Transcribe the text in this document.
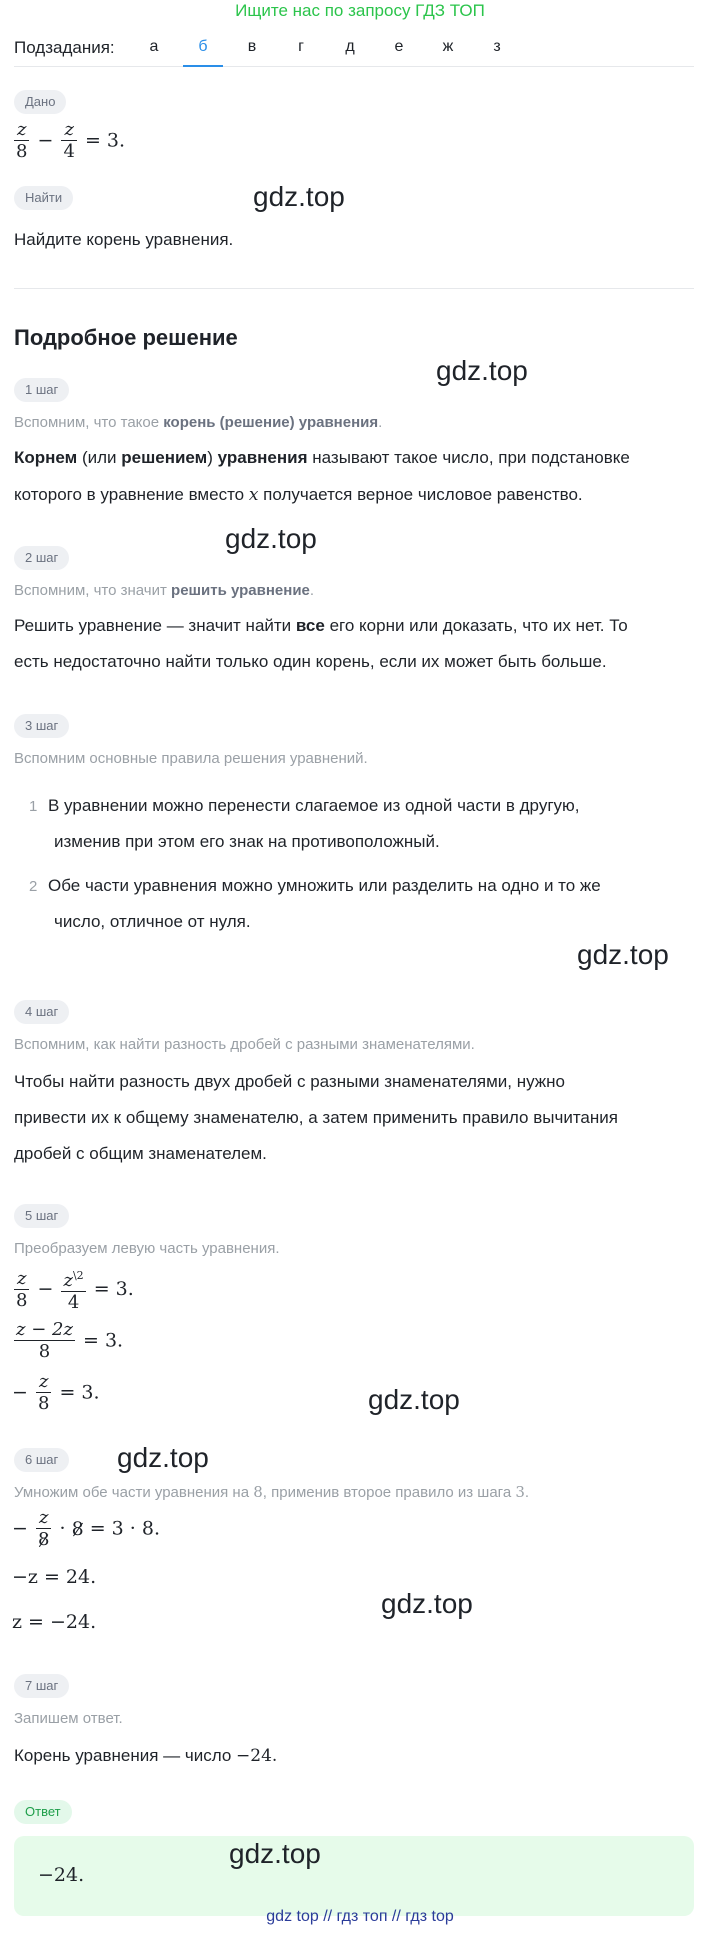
Ищите нас по запросу ГДЗ ТОП
Подзадания:	а	б	в	г	д	е	ж	з
Дано
$\frac{z}{8} - \frac{z}{4} = 3$.
Найти	gdz.top
Найдите корень уравнения.
Подробное решение
gdz.top
1 шаг
Вспомним, что такое корень (решение) уравнения.
Корнем (или решением) уравнения называют такое число, при подстановке
которого в уравнение вместо x получается верное числовое равенство.
gdz.top
2 шаг
Вспомним, что значит решить уравнение.
Решить уравнение — значит найти все его корни или доказать, что их нет. То
есть недостаточно найти только один корень, если их может быть больше.
3 шаг
Вспомним основные правила решения уравнений.
1 В уравнении можно перенести слагаемое из одной части в другую,
изменив при этом его знак на противоположный.
2 Обе части уравнения можно умножить или разделить на одно и то же
число, отличное от нуля.
gdz.top
4 шаг
Вспомним, как найти разность дробей с разными знаменателями.
Чтобы найти разность двух дробей с разными знаменателями, нужно
привести их к общему знаменателю, а затем применить правило вычитания
дробей с общим знаменателем.
5 шаг
Преобразуем левую часть уравнения.
$\frac{z}{8} - \frac{z^{\backslash 2}}{4} = 3$.
$\frac{z - 2z}{8} = 3$.
− $\frac{z}{8} = 3$.	gdz.top
6 шаг	gdz.top
Умножим обе части уравнения на 8, применив второе правило из шага 3.
− $\frac{z}{8} \cdot 8 = 3 \cdot 8$.
−z = 24.
gdz.top
z = −24.
7 шаг
Запишем ответ.
Корень уравнения — число −24.
Ответ
−24.
gdz.top
gdz top // гдз топ // гдз top
